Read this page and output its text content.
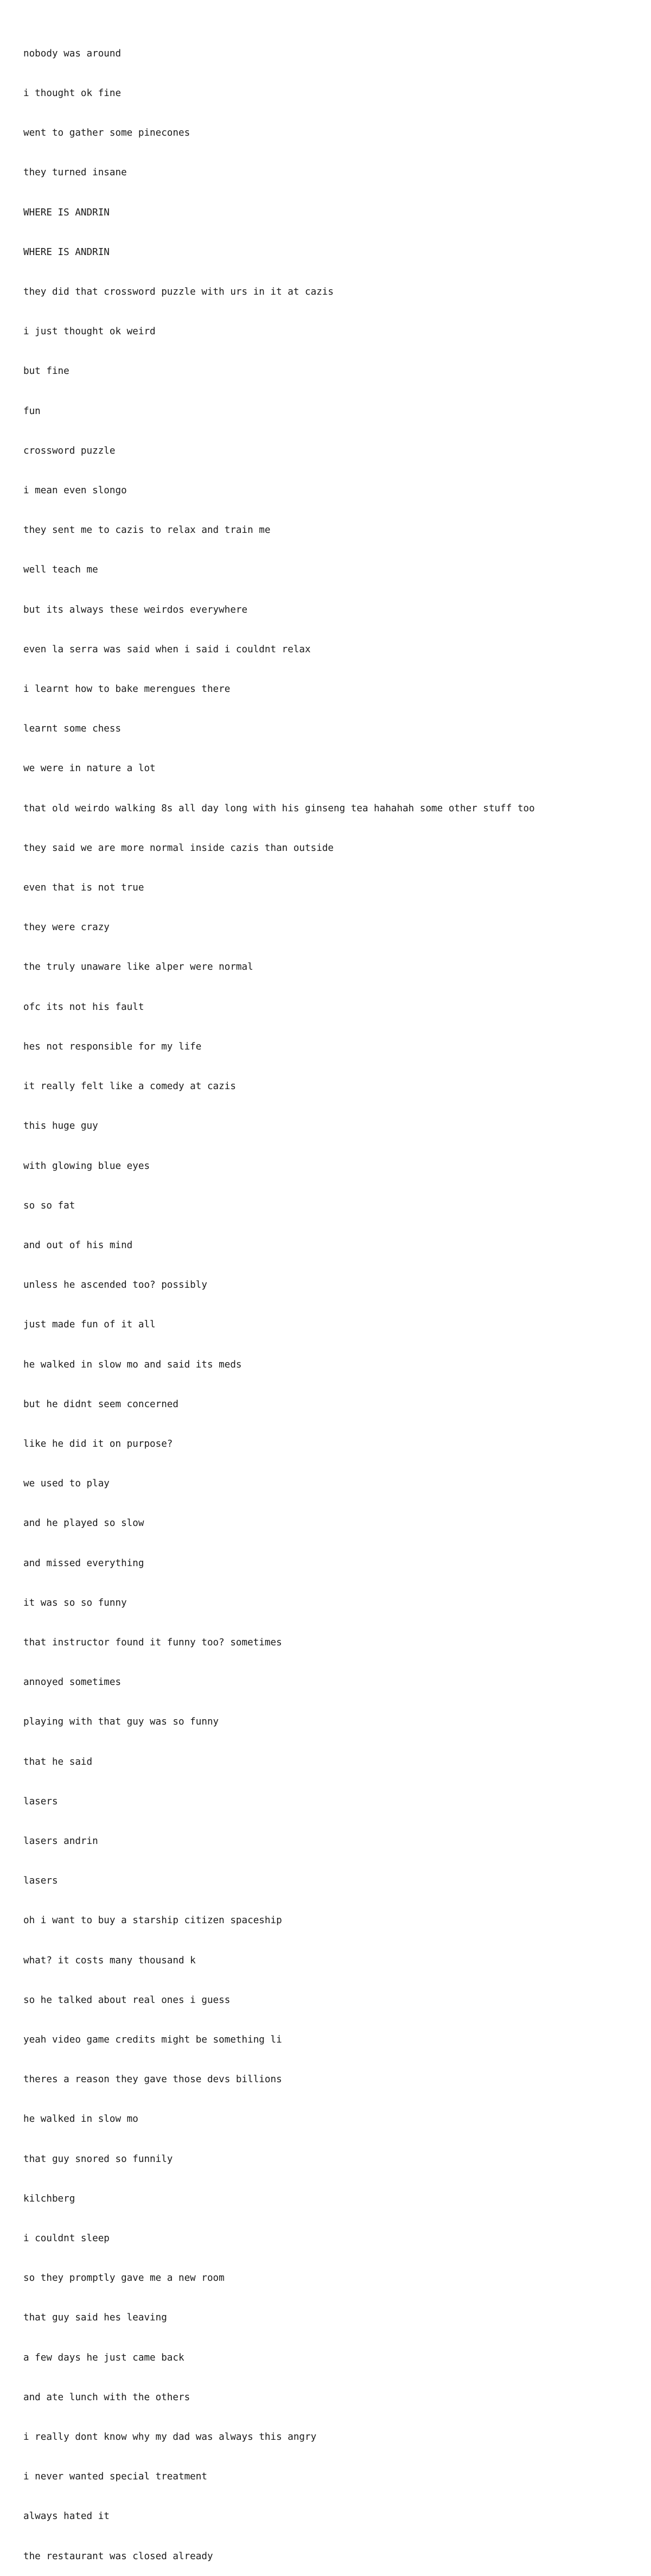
nobody was around

i thought ok fine

went to gather some pinecones

they turned insane

WHERE IS ANDRIN

WHERE IS ANDRIN

they did that crossword puzzle with urs in it at cazis

i just thought ok weird

but fine

fun

crossword puzzle

i mean even slongo

they sent me to cazis to relax and train me

well teach me

but its always these weirdos everywhere

even la serra was said when i said i couldnt relax

i learnt how to bake merengues there

learnt some chess

we were in nature a lot

that old weirdo walking 8s all day long with his ginseng tea hahahah some other stuff too

they said we are more normal inside cazis than outside

even that is not true

they were crazy

the truly unaware like alper were normal

ofc its not his fault

hes not responsible for my life

it really felt like a comedy at cazis

this huge guy

with glowing blue eyes

so so fat

and out of his mind

unless he ascended too? possibly

just made fun of it all

he walked in slow mo and said its meds

but he didnt seem concerned

like he did it on purpose?

we used to play

and he played so slow

and missed everything

it was so so funny

that instructor found it funny too? sometimes

annoyed sometimes

playing with that guy was so funny

that he said

lasers

lasers andrin

lasers

oh i want to buy a starship citizen spaceship

what? it costs many thousand k

so he talked about real ones i guess

yeah video game credits might be something li

theres a reason they gave those devs billions

he walked in slow mo

that guy snored so funnily

kilchberg

i couldnt sleep

so they promptly gave me a new room

that guy said hes leaving

a few days he just came back

and ate lunch with the others

i really dont know why my dad was always this angry

i never wanted special treatment

always hated it

the restaurant was closed already
